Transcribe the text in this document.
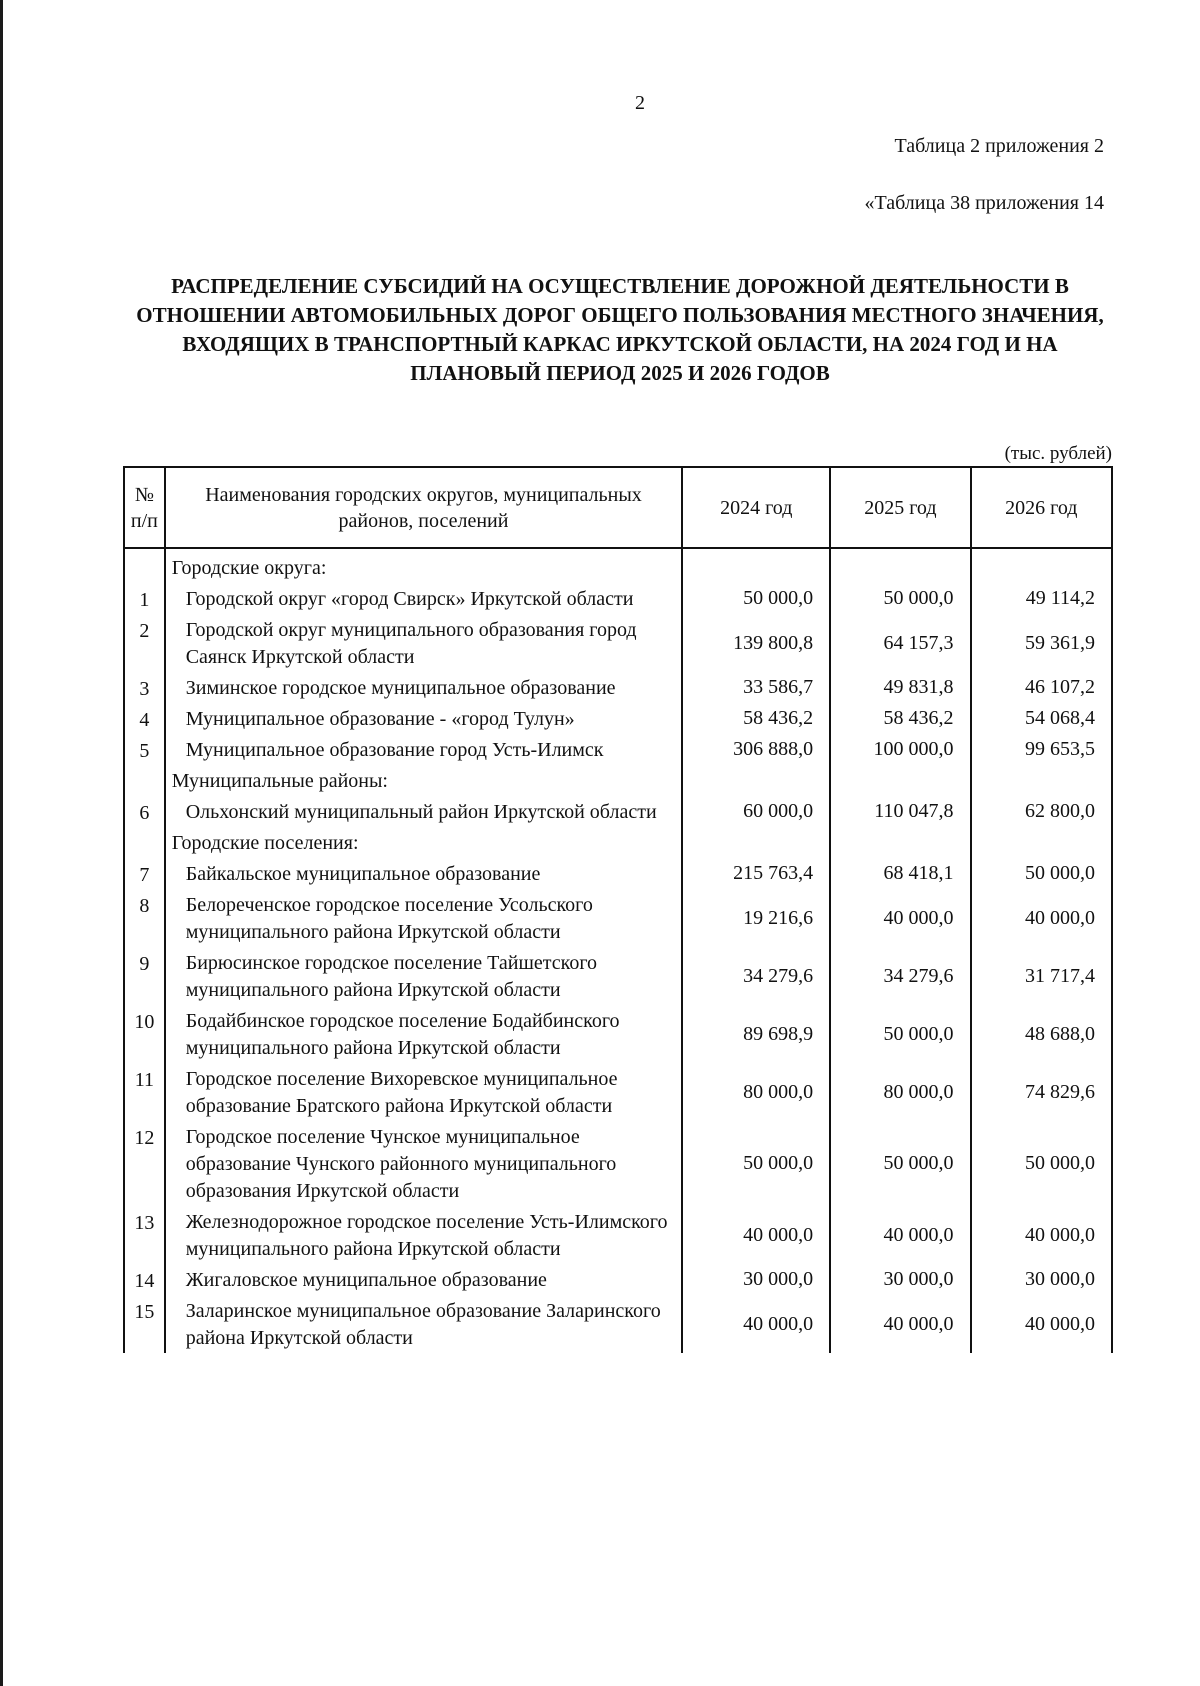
2
Таблица 2 приложения 2
«Таблица 38 приложения 14
РАСПРЕДЕЛЕНИЕ СУБСИДИЙ НА ОСУЩЕСТВЛЕНИЕ ДОРОЖНОЙ ДЕЯТЕЛЬНОСТИ В ОТНОШЕНИИ АВТОМОБИЛЬНЫХ ДОРОГ ОБЩЕГО ПОЛЬЗОВАНИЯ МЕСТНОГО ЗНАЧЕНИЯ, ВХОДЯЩИХ В ТРАНСПОРТНЫЙ КАРКАС ИРКУТСКОЙ ОБЛАСТИ, НА 2024 ГОД И НА ПЛАНОВЫЙ ПЕРИОД 2025 И 2026 ГОДОВ
(тыс. рублей)
№ п/п	Наименования городских округов, муниципальных районов, поселений	2024 год	2025 год	2026 год
	Городские округа:			
1	Городской округ «город Свирск» Иркутской области	50 000,0	50 000,0	49 114,2
2	Городской округ муниципального образования город Саянск Иркутской области	139 800,8	64 157,3	59 361,9
3	Зиминское городское муниципальное образование	33 586,7	49 831,8	46 107,2
4	Муниципальное образование - «город Тулун»	58 436,2	58 436,2	54 068,4
5	Муниципальное образование город Усть-Илимск	306 888,0	100 000,0	99 653,5
	Муниципальные районы:			
6	Ольхонский муниципальный район Иркутской области	60 000,0	110 047,8	62 800,0
	Городские поселения:			
7	Байкальское муниципальное образование	215 763,4	68 418,1	50 000,0
8	Белореченское городское поселение Усольского муниципального района Иркутской области	19 216,6	40 000,0	40 000,0
9	Бирюсинское городское поселение Тайшетского муниципального района Иркутской области	34 279,6	34 279,6	31 717,4
10	Бодайбинское городское поселение Бодайбинского муниципального района Иркутской области	89 698,9	50 000,0	48 688,0
11	Городское поселение Вихоревское муниципальное образование Братского района Иркутской области	80 000,0	80 000,0	74 829,6
12	Городское поселение Чунское муниципальное образование Чунского районного муниципального образования Иркутской области	50 000,0	50 000,0	50 000,0
13	Железнодорожное городское поселение Усть-Илимского муниципального района Иркутской области	40 000,0	40 000,0	40 000,0
14	Жигаловское муниципальное образование	30 000,0	30 000,0	30 000,0
15	Заларинское муниципальное образование Заларинского района Иркутской области	40 000,0	40 000,0	40 000,0
